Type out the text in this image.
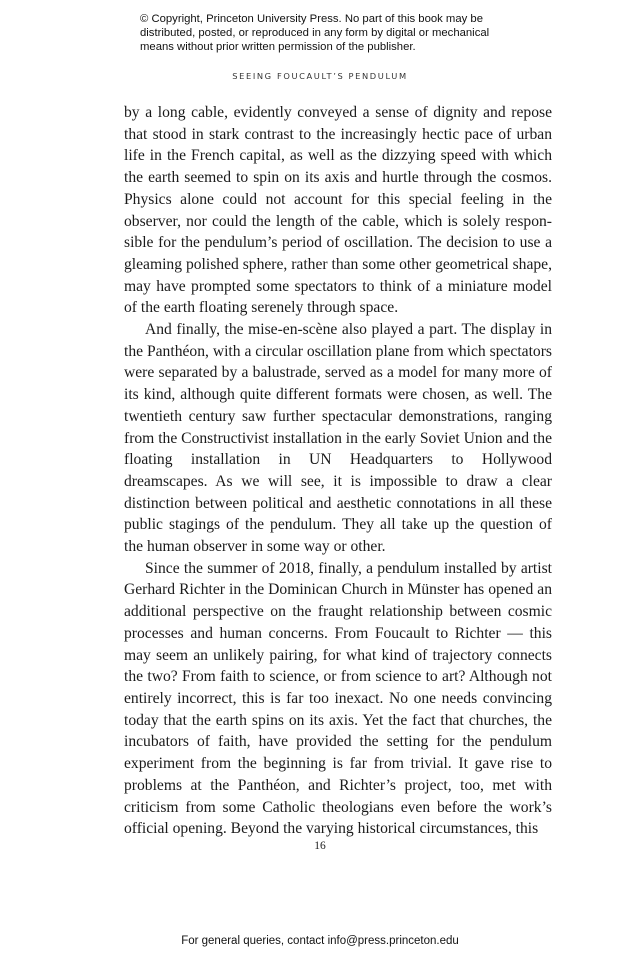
© Copyright, Princeton University Press. No part of this book may be distributed, posted, or reproduced in any form by digital or mechanical means without prior written permission of the publisher.

SEEING FOUCAULT’S PENDULUM

by a long cable, evidently conveyed a sense of dignity and repose that stood in stark contrast to the increasingly hectic pace of urban life in the French capital, as well as the dizzying speed with which the earth seemed to spin on its axis and hurtle through the cosmos. Physics alone could not account for this special feeling in the observer, nor could the length of the cable, which is solely responsible for the pendulum’s period of oscillation. The decision to use a gleaming polished sphere, rather than some other geometrical shape, may have prompted some spectators to think of a miniature model of the earth floating serenely through space.

And finally, the mise-en-scène also played a part. The display in the Panthéon, with a circular oscillation plane from which spectators were separated by a balustrade, served as a model for many more of its kind, although quite different formats were chosen, as well. The twentieth century saw further spectacular demonstrations, ranging from the Constructivist installation in the early Soviet Union and the floating installation in UN Headquarters to Hollywood dreamscapes. As we will see, it is impossible to draw a clear distinction between political and aesthetic connotations in all these public stagings of the pendulum. They all take up the question of the human observer in some way or other.

Since the summer of 2018, finally, a pendulum installed by artist Gerhard Richter in the Dominican Church in Münster has opened an additional perspective on the fraught relationship between cosmic processes and human concerns. From Foucault to Richter — this may seem an unlikely pairing, for what kind of trajectory connects the two? From faith to science, or from science to art? Although not entirely incorrect, this is far too inexact. No one needs convincing today that the earth spins on its axis. Yet the fact that churches, the incubators of faith, have provided the setting for the pendulum experiment from the beginning is far from trivial. It gave rise to problems at the Panthéon, and Richter’s project, too, met with criticism from some Catholic theologians even before the work’s official opening. Beyond the varying historical circumstances, this

16

For general queries, contact info@press.princeton.edu
